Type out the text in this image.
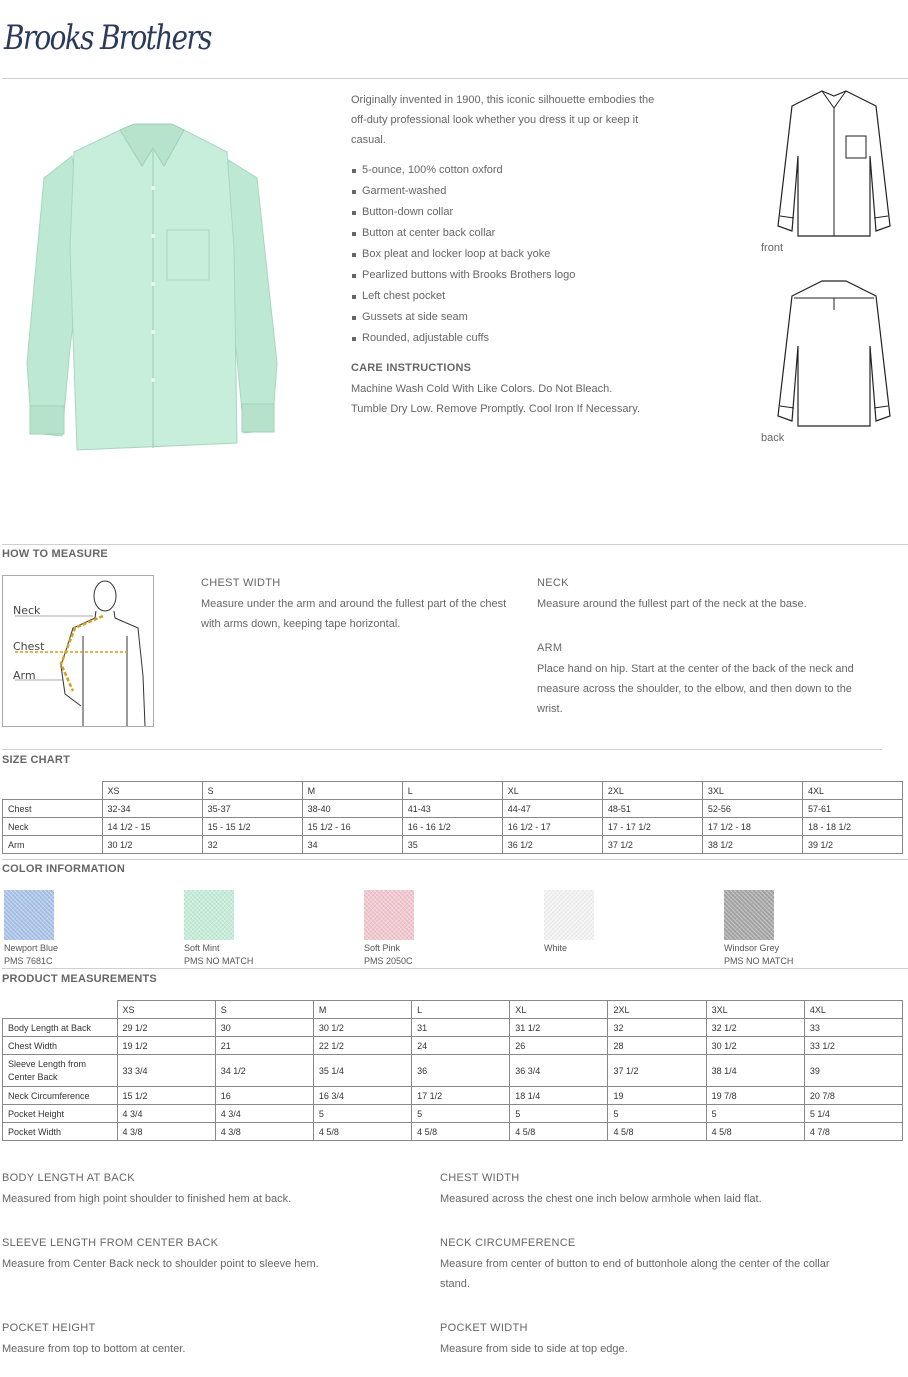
Brooks Brothers
Originally invented in 1900, this iconic silhouette embodies the off-duty professional look whether you dress it up or keep it casual.
5-ounce, 100% cotton oxford
Garment-washed
Button-down collar
Button at center back collar
Box pleat and locker loop at back yoke
Pearlized buttons with Brooks Brothers logo
Left chest pocket
Gussets at side seam
Rounded, adjustable cuffs
CARE INSTRUCTIONS
Machine Wash Cold With Like Colors. Do Not Bleach.
Tumble Dry Low. Remove Promptly. Cool Iron If Necessary.
front
back
HOW TO MEASURE
Neck
Chest
Arm
CHEST WIDTH
Measure under the arm and around the fullest part of the chest with arms down, keeping tape horizontal.
NECK
Measure around the fullest part of the neck at the base.
ARM
Place hand on hip. Start at the center of the back of the neck and measure across the shoulder, to the elbow, and then down to the wrist.
SIZE CHART
	XS	S	M	L	XL	2XL	3XL	4XL
Chest	32-34	35-37	38-40	41-43	44-47	48-51	52-56	57-61
Neck	14 1/2 - 15	15 - 15 1/2	15 1/2 - 16	16 - 16 1/2	16 1/2 - 17	17 - 17 1/2	17 1/2 - 18	18 - 18 1/2
Arm	30 1/2	32	34	35	36 1/2	37 1/2	38 1/2	39 1/2
COLOR INFORMATION
Newport Blue
PMS 7681C
Soft Mint
PMS NO MATCH
Soft Pink
PMS 2050C
White	Windsor Grey
PMS NO MATCH
PRODUCT MEASUREMENTS
	XS	S	M	L	XL	2XL	3XL	4XL
Body Length at Back	29 1/2	30	30 1/2	31	31 1/2	32	32 1/2	33
Chest Width	19 1/2	21	22 1/2	24	26	28	30 1/2	33 1/2
Sleeve Length from Center Back	33 3/4	34 1/2	35 1/4	36	36 3/4	37 1/2	38 1/4	39
Neck Circumference	15 1/2	16	16 3/4	17 1/2	18 1/4	19	19 7/8	20 7/8
Pocket Height	4 3/4	4 3/4	5	5	5	5	5	5 1/4
Pocket Width	4 3/8	4 3/8	4 5/8	4 5/8	4 5/8	4 5/8	4 5/8	4 7/8
BODY LENGTH AT BACK
Measured from high point shoulder to finished hem at back.
CHEST WIDTH
Measured across the chest one inch below armhole when laid flat.
SLEEVE LENGTH FROM CENTER BACK
Measure from Center Back neck to shoulder point to sleeve hem.
NECK CIRCUMFERENCE
Measure from center of button to end of buttonhole along the center of the collar stand.
POCKET HEIGHT
Measure from top to bottom at center.
POCKET WIDTH
Measure from side to side at top edge.
